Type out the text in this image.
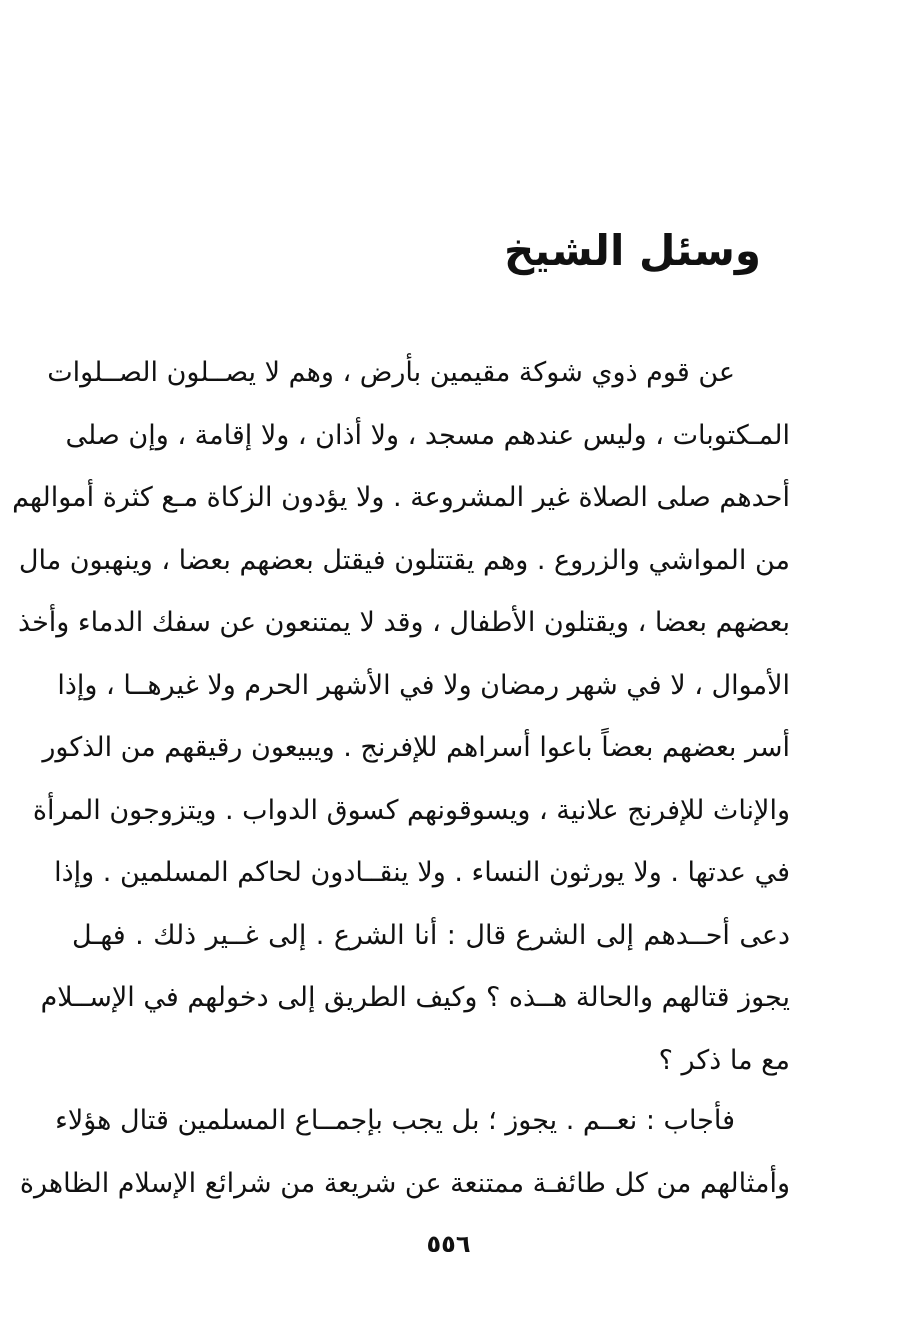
وسئل الشيخ
عن قوم ذوي شوكة مقيمين بأرض ، وهم لا يصــلون الصــلوات
المـكتوبات ، وليس عندهم مسجد ، ولا أذان ، ولا إقامة ، وإن صلى
أحدهم صلى الصلاة غير المشروعة . ولا يؤدون الزكاة مـع كثرة أموالهم
من المواشي والزروع . وهم يقتتلون فيقتل بعضهم بعضا ، وينهبون مال
بعضهم بعضا ، ويقتلون الأطفال ، وقد لا يمتنعون عن سفك الدماء وأخذ
الأموال ، لا في شهر رمضان ولا في الأشهر الحرم ولا غيرهــا ، وإذا
أسر بعضهم بعضاً باعوا أسراهم للإفرنج . ويبيعون رقيقهم من الذكور
والإناث للإفرنج علانية ، ويسوقونهم كسوق الدواب . ويتزوجون المرأة
في عدتها . ولا يورثون النساء . ولا ينقــادون لحاكم المسلمين . وإذا
دعى أحــدهم إلى الشرع قال : أنا الشرع . إلى غــير ذلك . فهـل
يجوز قتالهم والحالة هــذه ؟ وكيف الطريق إلى دخولهم في الإســلام
مع ما ذكر ؟
فأجاب : نعــم . يجوز ؛ بل يجب بإجمــاع المسلمين قتال هؤلاء
وأمثالهم من كل طائفـة ممتنعة عن شريعة من شرائع الإسلام الظاهرة
٥٥٦
